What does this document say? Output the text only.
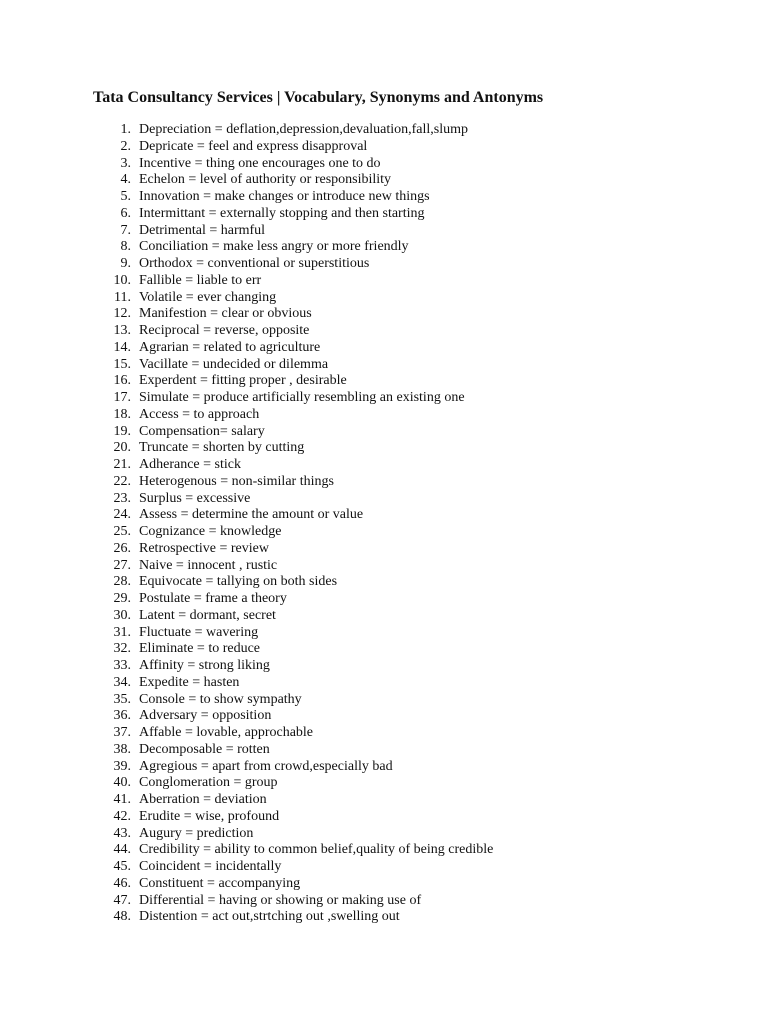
Tata Consultancy Services | Vocabulary, Synonyms and Antonyms
1. Depreciation = deflation,depression,devaluation,fall,slump
2. Depricate = feel and express disapproval
3. Incentive = thing one encourages one to do
4. Echelon = level of authority or responsibility
5. Innovation = make changes or introduce new things
6. Intermittant = externally stopping and then starting
7. Detrimental = harmful
8. Conciliation = make less angry or more friendly
9. Orthodox = conventional or superstitious
10. Fallible = liable to err
11. Volatile = ever changing
12. Manifestion = clear or obvious
13. Reciprocal = reverse, opposite
14. Agrarian = related to agriculture
15. Vacillate = undecided or dilemma
16. Experdent = fitting proper , desirable
17. Simulate = produce artificially resembling an existing one
18. Access = to approach
19. Compensation= salary
20. Truncate = shorten by cutting
21. Adherance = stick
22. Heterogenous = non-similar things
23. Surplus = excessive
24. Assess = determine the amount or value
25. Cognizance = knowledge
26. Retrospective = review
27. Naive = innocent , rustic
28. Equivocate = tallying on both sides
29. Postulate = frame a theory
30. Latent = dormant, secret
31. Fluctuate = wavering
32. Eliminate = to reduce
33. Affinity = strong liking
34. Expedite = hasten
35. Console = to show sympathy
36. Adversary = opposition
37. Affable = lovable, approchable
38. Decomposable = rotten
39. Agregious = apart from crowd,especially bad
40. Conglomeration = group
41. Aberration = deviation
42. Erudite = wise, profound
43. Augury = prediction
44. Credibility = ability to common belief,quality of being credible
45. Coincident = incidentally
46. Constituent = accompanying
47. Differential = having or showing or making use of
48. Distention = act out,strtching out ,swelling out
